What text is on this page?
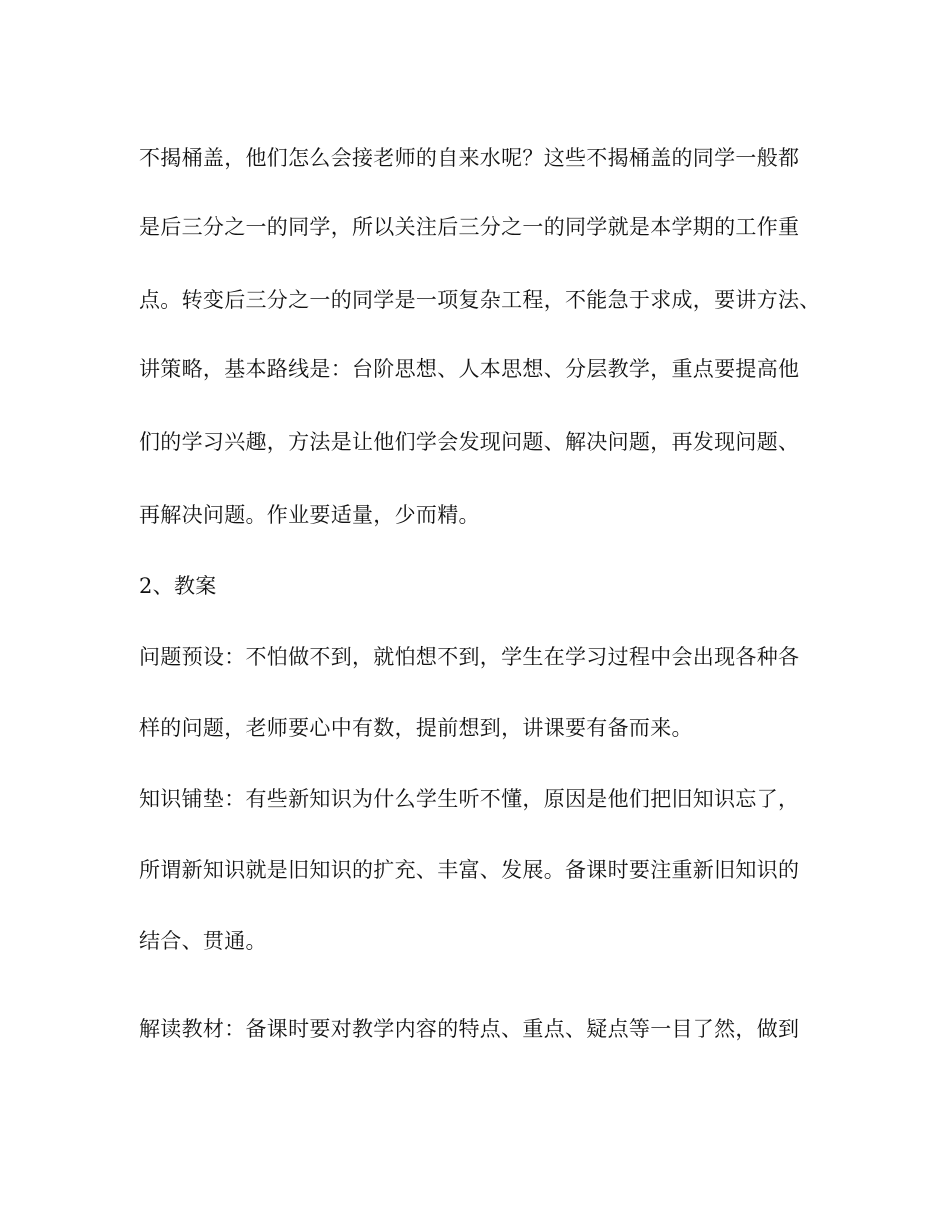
不揭桶盖，他们怎么会接老师的自来水呢？这些不揭桶盖的同学一般都
是后三分之一的同学，所以关注后三分之一的同学就是本学期的工作重
点。转变后三分之一的同学是一项复杂工程，不能急于求成，要讲方法、
讲策略，基本路线是：台阶思想、人本思想、分层教学，重点要提高他
们的学习兴趣，方法是让他们学会发现问题、解决问题，再发现问题、
再解决问题。作业要适量，少而精。
2、教案
问题预设：不怕做不到，就怕想不到，学生在学习过程中会出现各种各
样的问题，老师要心中有数，提前想到，讲课要有备而来。
知识铺垫：有些新知识为什么学生听不懂，原因是他们把旧知识忘了，
所谓新知识就是旧知识的扩充、丰富、发展。备课时要注重新旧知识的
结合、贯通。
解读教材：备课时要对教学内容的特点、重点、疑点等一目了然，做到
